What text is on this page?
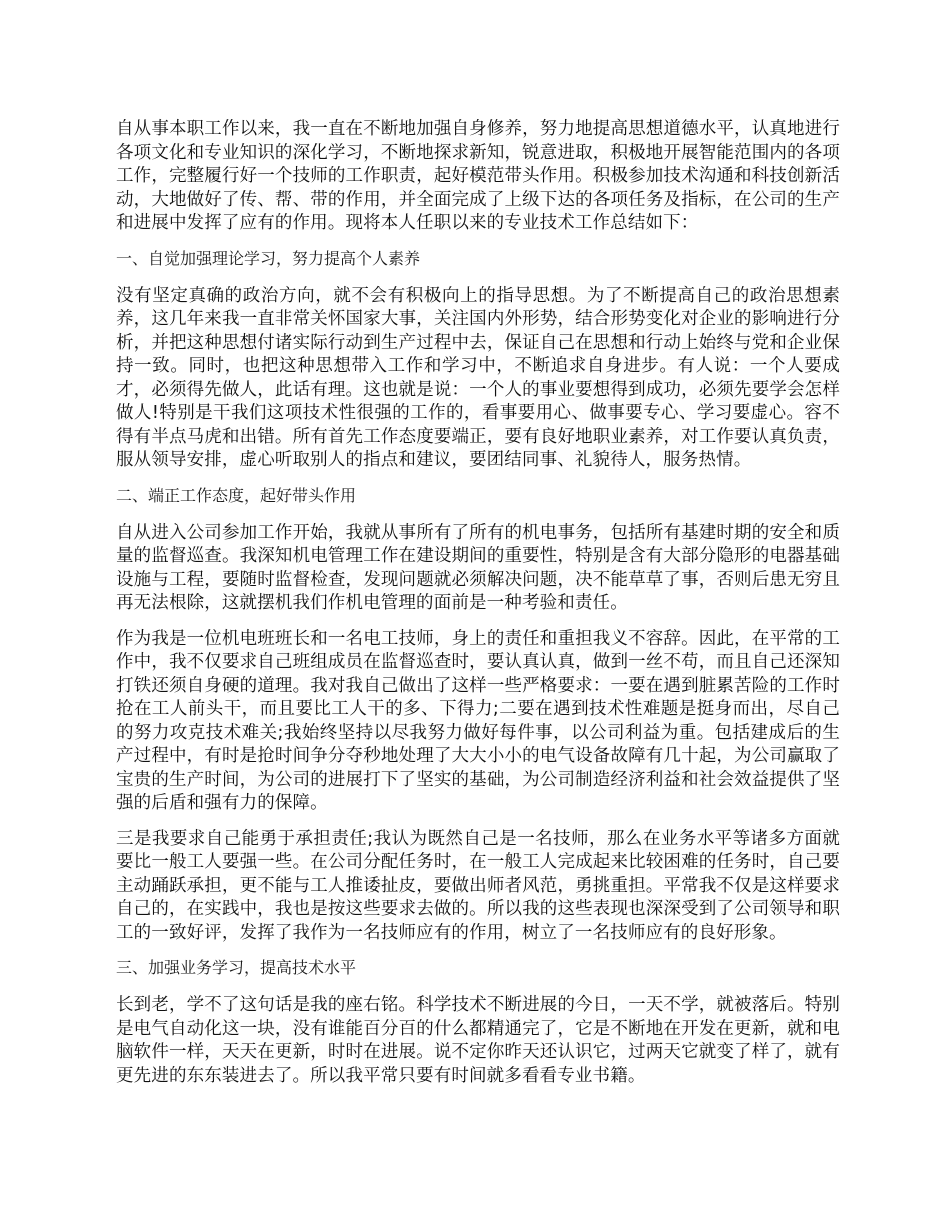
自从事本职工作以来，我一直在不断地加强自身修养，努力地提高思想道德水平，认真地进行各项文化和专业知识的深化学习，不断地探求新知，锐意进取，积极地开展智能范围内的各项工作，完整履行好一个技师的工作职责，起好模范带头作用。积极参加技术沟通和科技创新活动，大地做好了传、帮、带的作用，并全面完成了上级下达的各项任务及指标，在公司的生产和进展中发挥了应有的作用。现将本人任职以来的专业技术工作总结如下：

一、自觉加强理论学习，努力提高个人素养

没有坚定真确的政治方向，就不会有积极向上的指导思想。为了不断提高自己的政治思想素养，这几年来我一直非常关怀国家大事，关注国内外形势，结合形势变化对企业的影响进行分析，并把这种思想付诸实际行动到生产过程中去，保证自己在思想和行动上始终与党和企业保持一致。同时，也把这种思想带入工作和学习中，不断追求自身进步。有人说：一个人要成才，必须得先做人，此话有理。这也就是说：一个人的事业要想得到成功，必须先要学会怎样做人!特别是干我们这项技术性很强的工作的，看事要用心、做事要专心、学习要虚心。容不得有半点马虎和出错。所有首先工作态度要端正，要有良好地职业素养，对工作要认真负责，服从领导安排，虚心听取别人的指点和建议，要团结同事、礼貌待人，服务热情。

二、端正工作态度，起好带头作用

自从进入公司参加工作开始，我就从事所有了所有的机电事务，包括所有基建时期的安全和质量的监督巡查。我深知机电管理工作在建设期间的重要性，特别是含有大部分隐形的电器基础设施与工程，要随时监督检查，发现问题就必须解决问题，决不能草草了事，否则后患无穷且再无法根除，这就摆机我们作机电管理的面前是一种考验和责任。

作为我是一位机电班班长和一名电工技师，身上的责任和重担我义不容辞。因此，在平常的工作中，我不仅要求自己班组成员在监督巡查时，要认真认真，做到一丝不苟，而且自己还深知打铁还须自身硬的道理。我对我自己做出了这样一些严格要求：一要在遇到脏累苦险的工作时抢在工人前头干，而且要比工人干的多、下得力;二要在遇到技术性难题是挺身而出，尽自己的努力攻克技术难关;我始终坚持以尽我努力做好每件事，以公司利益为重。包括建成后的生产过程中，有时是抢时间争分夺秒地处理了大大小小的电气设备故障有几十起，为公司赢取了宝贵的生产时间，为公司的进展打下了坚实的基础，为公司制造经济利益和社会效益提供了坚强的后盾和强有力的保障。

三是我要求自己能勇于承担责任;我认为既然自己是一名技师，那么在业务水平等诸多方面就要比一般工人要强一些。在公司分配任务时，在一般工人完成起来比较困难的任务时，自己要主动踊跃承担，更不能与工人推诿扯皮，要做出师者风范，勇挑重担。平常我不仅是这样要求自己的，在实践中，我也是按这些要求去做的。所以我的这些表现也深深受到了公司领导和职工的一致好评，发挥了我作为一名技师应有的作用，树立了一名技师应有的良好形象。

三、加强业务学习，提高技术水平

长到老，学不了这句话是我的座右铭。科学技术不断进展的今日，一天不学，就被落后。特别是电气自动化这一块，没有谁能百分百的什么都精通完了，它是不断地在开发在更新，就和电脑软件一样，天天在更新，时时在进展。说不定你昨天还认识它，过两天它就变了样了，就有更先进的东东装进去了。所以我平常只要有时间就多看看专业书籍。
